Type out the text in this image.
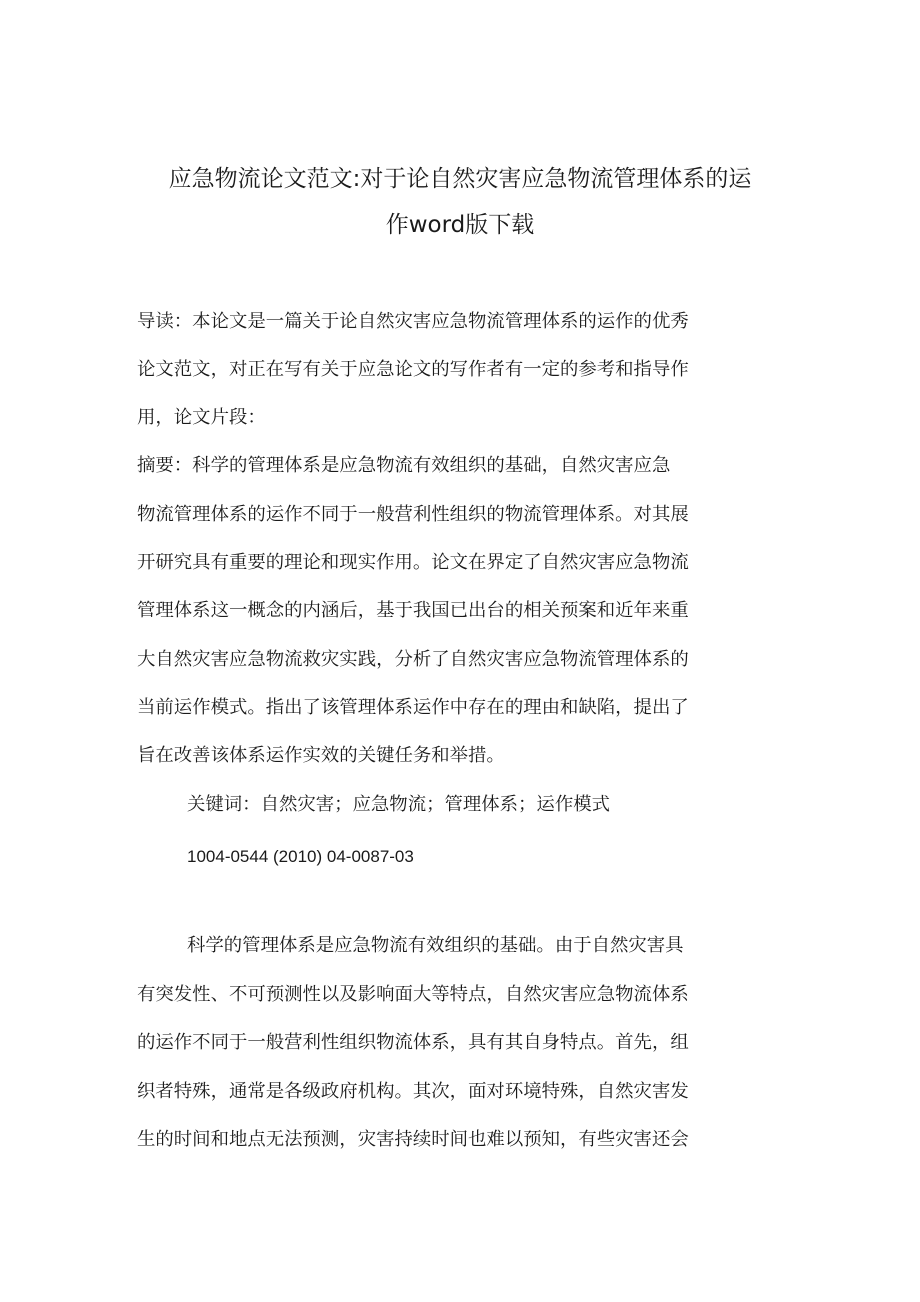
应急物流论文范文:对于论自然灾害应急物流管理体系的运
作word版下载

导读：本论文是一篇关于论自然灾害应急物流管理体系的运作的优秀

论文范文，对正在写有关于应急论文的写作者有一定的参考和指导作

用，论文片段：

摘要：科学的管理体系是应急物流有效组织的基础，自然灾害应急

物流管理体系的运作不同于一般营利性组织的物流管理体系。对其展

开研究具有重要的理论和现实作用。论文在界定了自然灾害应急物流

管理体系这一概念的内涵后，基于我国已出台的相关预案和近年来重

大自然灾害应急物流救灾实践，分析了自然灾害应急物流管理体系的

当前运作模式。指出了该管理体系运作中存在的理由和缺陷，提出了

旨在改善该体系运作实效的关键任务和举措。

关键词：自然灾害；应急物流；管理体系；运作模式

1004-0544 (2010) 04-0087-03

科学的管理体系是应急物流有效组织的基础。由于自然灾害具

有突发性、不可预测性以及影响面大等特点，自然灾害应急物流体系

的运作不同于一般营利性组织物流体系，具有其自身特点。首先，组

织者特殊，通常是各级政府机构。其次，面对环境特殊，自然灾害发

生的时间和地点无法预测，灾害持续时间也难以预知，有些灾害还会
